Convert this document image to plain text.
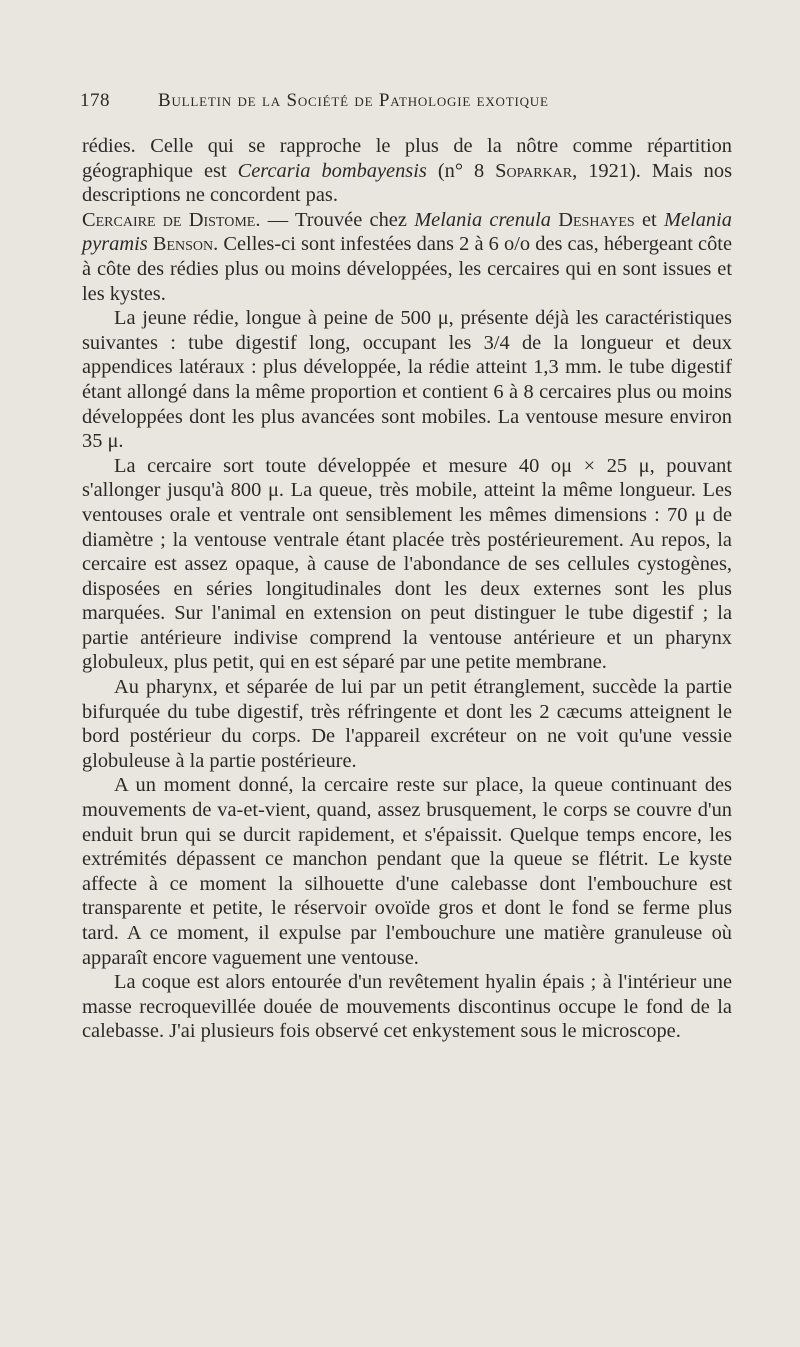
178	Bulletin de la Société de Pathologie exotique

rédies. Celle qui se rapproche le plus de la nôtre comme répartition géographique est Cercaria bombayensis (n° 8 Soparkar, 1921). Mais nos descriptions ne concordent pas.

Cercaire de Distome. — Trouvée chez Melania crenula Deshayes et Melania pyramis Benson. Celles-ci sont infestées dans 2 à 6 o/o des cas, hébergeant côte à côte des rédies plus ou moins développées, les cercaires qui en sont issues et les kystes.

La jeune rédie, longue à peine de 500 μ, présente déjà les caractéristiques suivantes : tube digestif long, occupant les 3/4 de la longueur et deux appendices latéraux : plus développée, la rédie atteint 1,3 mm. le tube digestif étant allongé dans la même proportion et contient 6 à 8 cercaires plus ou moins développées dont les plus avancées sont mobiles. La ventouse mesure environ 35 μ.

La cercaire sort toute développée et mesure 40 oμ × 25 μ, pouvant s'allonger jusqu'à 800 μ. La queue, très mobile, atteint la même longueur. Les ventouses orale et ventrale ont sensiblement les mêmes dimensions : 70 μ de diamètre ; la ventouse ventrale étant placée très postérieurement. Au repos, la cercaire est assez opaque, à cause de l'abondance de ses cellules cystogènes, disposées en séries longitudinales dont les deux externes sont les plus marquées. Sur l'animal en extension on peut distinguer le tube digestif ; la partie antérieure indivise comprend la ventouse antérieure et un pharynx globuleux, plus petit, qui en est séparé par une petite membrane.

Au pharynx, et séparée de lui par un petit étranglement, succède la partie bifurquée du tube digestif, très réfringente et dont les 2 cæcums atteignent le bord postérieur du corps. De l'appareil excréteur on ne voit qu'une vessie globuleuse à la partie postérieure.

A un moment donné, la cercaire reste sur place, la queue continuant des mouvements de va-et-vient, quand, assez brusquement, le corps se couvre d'un enduit brun qui se durcit rapidement, et s'épaissit. Quelque temps encore, les extrémités dépassent ce manchon pendant que la queue se flétrit. Le kyste affecte à ce moment la silhouette d'une calebasse dont l'embouchure est transparente et petite, le réservoir ovoïde gros et dont le fond se ferme plus tard. A ce moment, il expulse par l'embouchure une matière granuleuse où apparaît encore vaguement une ventouse.

La coque est alors entourée d'un revêtement hyalin épais ; à l'intérieur une masse recroquevillée douée de mouvements discontinus occupe le fond de la calebasse. J'ai plusieurs fois observé cet enkystement sous le microscope.
